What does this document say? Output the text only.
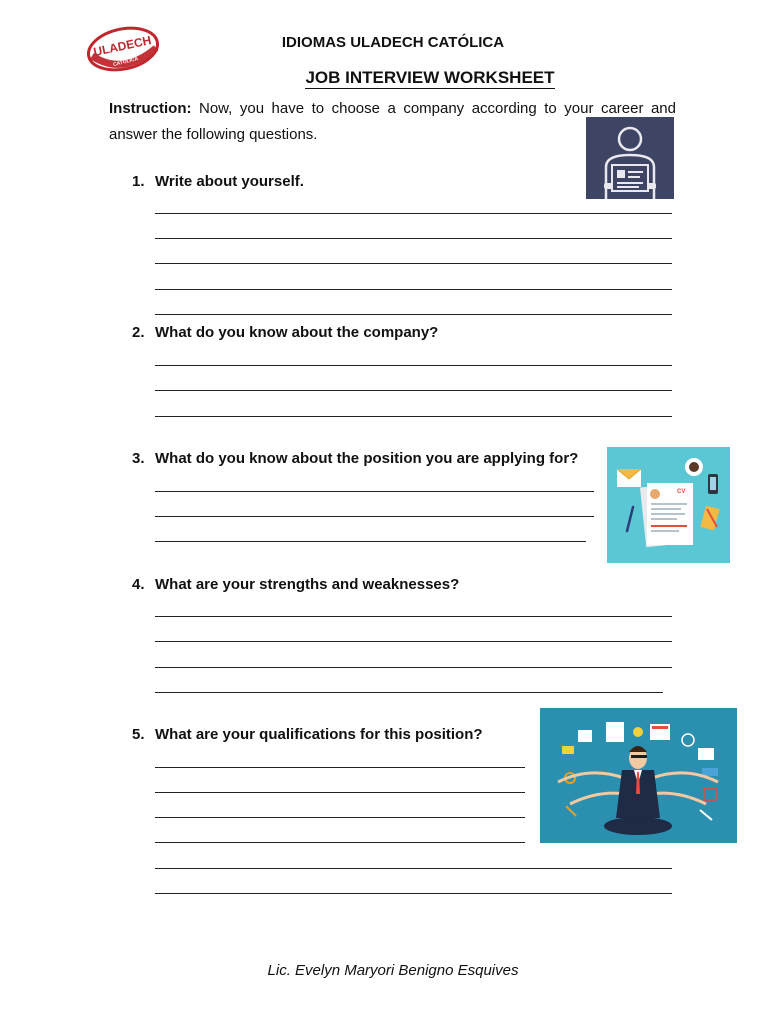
ULADECH
CATÓLICA
IDIOMAS ULADECH CATÓLICA
JOB INTERVIEW WORKSHEET
Instruction: Now, you have to choose a company according to your career and answer the following questions.
1. Write about yourself.
2. What do you know about the company?
3. What do you know about the position you are applying for?
4. What are your strengths and weaknesses?
5. What are your qualifications for this position?
CV
Lic. Evelyn Maryori Benigno Esquives
